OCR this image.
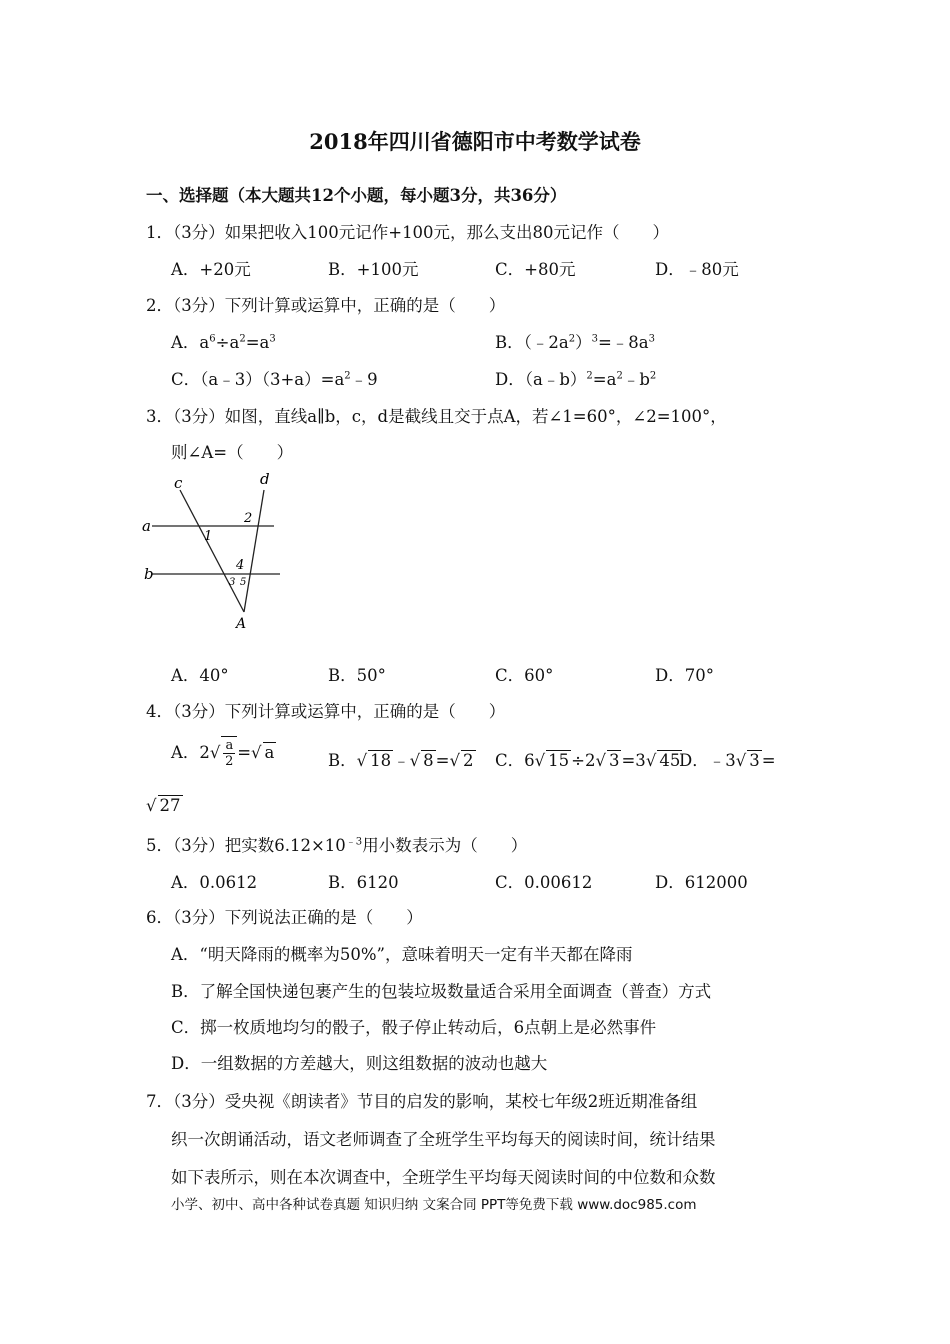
2018年四川省德阳市中考数学试卷
一、选择题（本大题共12个小题，每小题3分，共36分）
1．（3分）如果把收入100元记作+100元，那么支出80元记作（　　）
A．+20元	B．+100元	C．+80元	D．﹣80元
2．（3分）下列计算或运算中，正确的是（　　）
A．$a^6\div a^2=a^3$	B．$(﹣2a^2)^3=﹣8a^3$
C．$(a﹣3)(3+a)=a^2﹣9$	D．$(a﹣b)^2=a^2﹣b^2$
3．（3分）如图，直线a∥b，c，d是截线且交于点A，若∠1=60°，∠2=100°，
则∠A=（　　）
c	d
a
b
1
2
4
3 5
A
A．40°	B．50°	C．60°	D．70°
4．（3分）下列计算或运算中，正确的是（　　）
A．$2√ \frac{a}{2}$ =√ a	B．√ 18 ﹣√ 8 =√ 2 C．6√ 15 ÷2√ 3 =3√ 45
D．﹣3√ 3 =
√ 27
5．（3分）把实数$6.12\times 10^{﹣3}$用小数表示为（　　）
A．0.0612	B．6120	C．0.00612	D．612000
6．（3分）下列说法正确的是（　　）
A．“明天降雨的概率为50%”，意味着明天一定有半天都在降雨
B．了解全国快递包裹产生的包装垃圾数量适合采用全面调查（普查）方式
C．掷一枚质地均匀的骰子，骰子停止转动后，6点朝上是必然事件
D．一组数据的方差越大，则这组数据的波动也越大
7．（3分）受央视《朗读者》节目的启发的影响，某校七年级2班近期准备组
织一次朗诵活动，语文老师调查了全班学生平均每天的阅读时间，统计结果
如下表所示，则在本次调查中，全班学生平均每天阅读时间的中位数和众数
小学、初中、高中各种试卷真题 知识归纳 文案合同 PPT等免费下载 www.doc985.com
